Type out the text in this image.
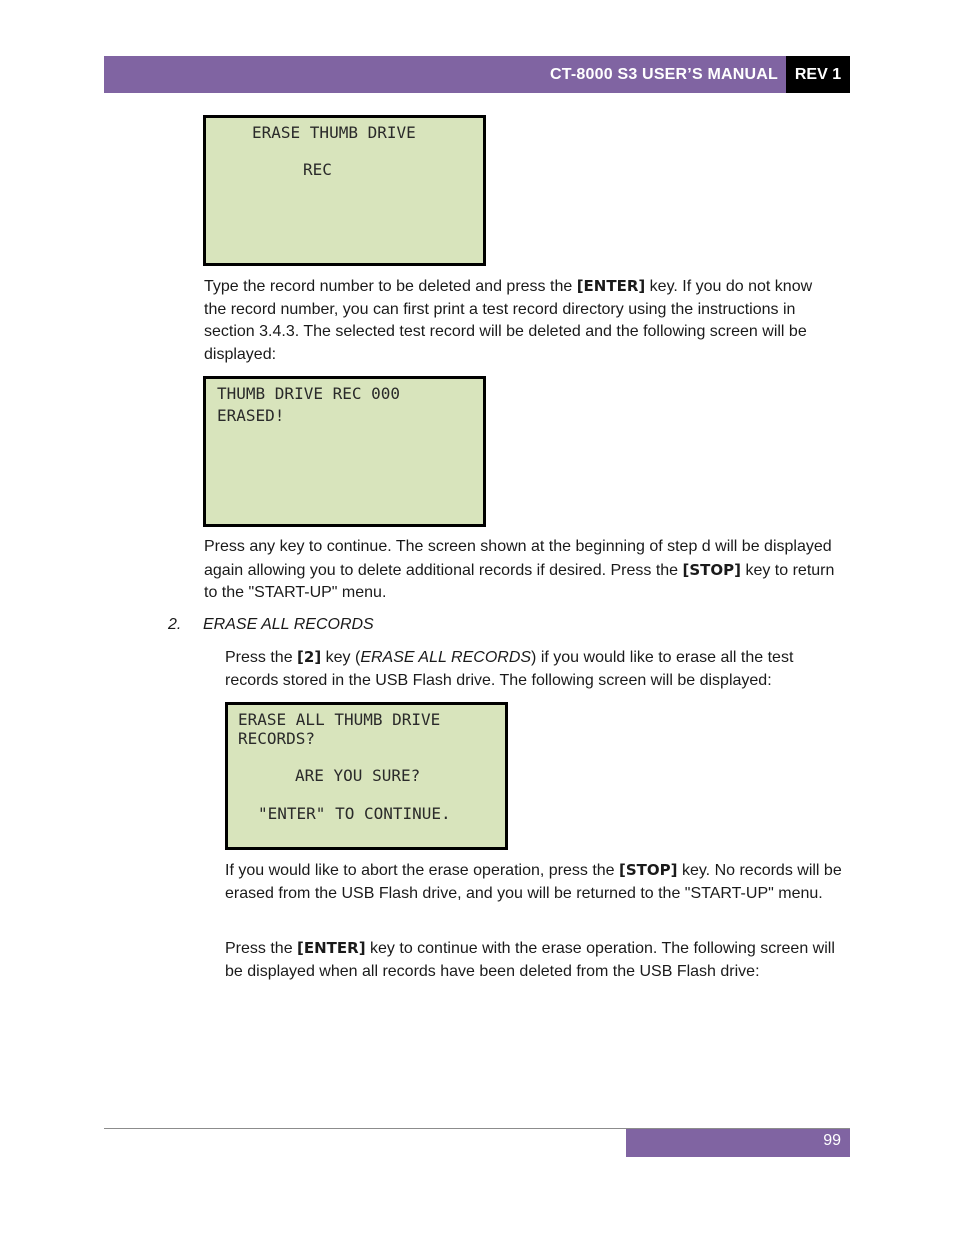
CT-8000 S3 USER’S MANUAL	REV 1
ERASE THUMB DRIVE
REC

Type the record number to be deleted and press the [ENTER] key. If you do not know the record number, you can first print a test record directory using the instructions in section 3.4.3. The selected test record will be deleted and the following screen will be displayed:

THUMB DRIVE REC 000
ERASED!

Press any key to continue. The screen shown at the beginning of step d will be displayed again allowing you to delete additional records if desired. Press the [STOP] key to return to the "START-UP" menu.

2. ERASE ALL RECORDS

Press the [2] key (ERASE ALL RECORDS) if you would like to erase all the test records stored in the USB Flash drive. The following screen will be displayed:

ERASE ALL THUMB DRIVE
RECORDS?
ARE YOU SURE?
"ENTER" TO CONTINUE.

If you would like to abort the erase operation, press the [STOP] key. No records will be erased from the USB Flash drive, and you will be returned to the "START-UP" menu.

Press the [ENTER] key to continue with the erase operation. The following screen will be displayed when all records have been deleted from the USB Flash drive:

99
